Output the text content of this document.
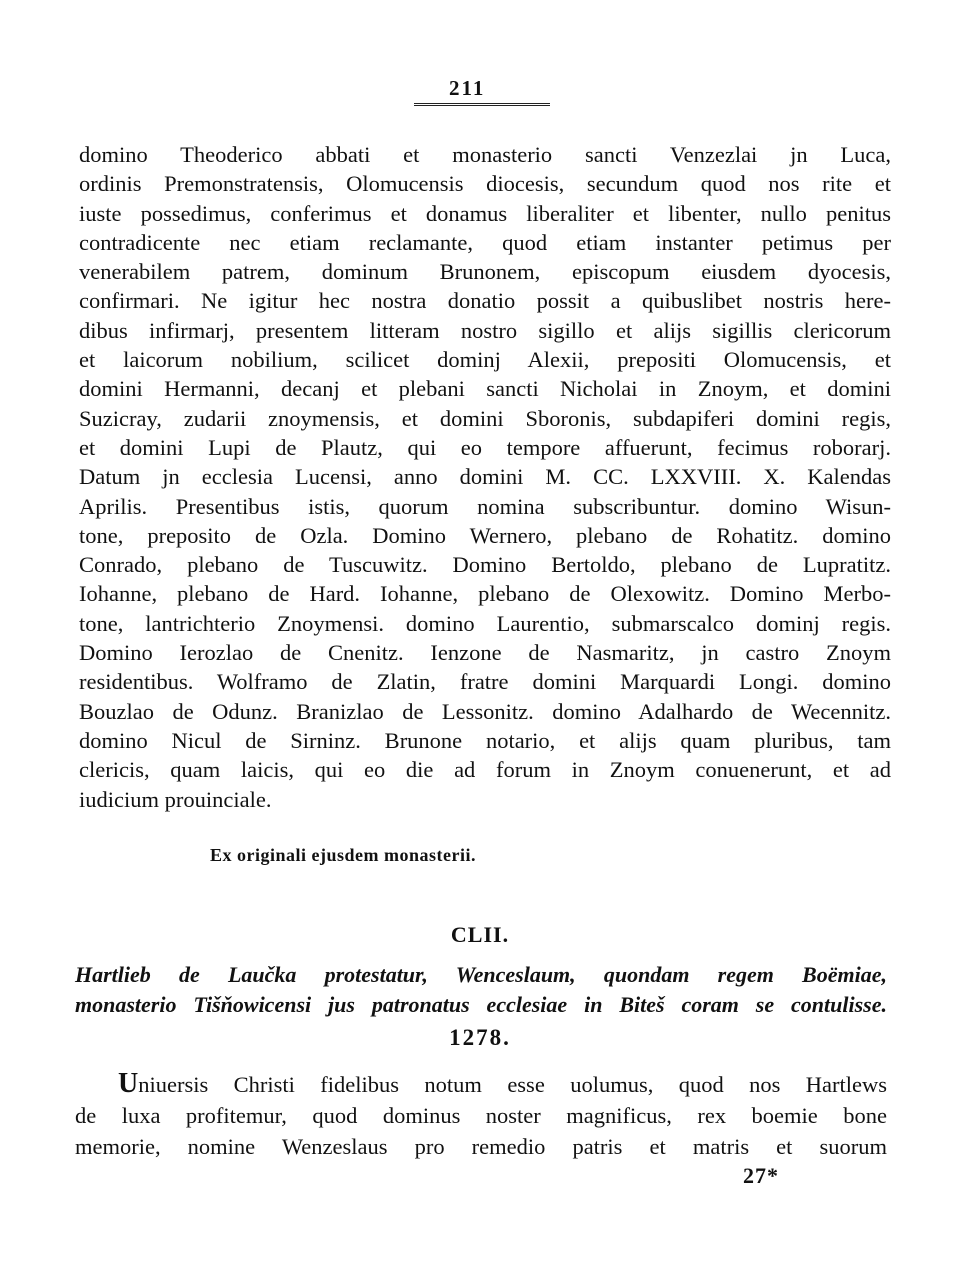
211
domino Theoderico abbati et monasterio sancti Venzezlai jn Luca,
ordinis Premonstratensis, Olomucensis diocesis, secundum quod nos rite et
iuste possedimus, conferimus et donamus liberaliter et libenter, nullo penitus
contradicente nec etiam reclamante, quod etiam instanter petimus per
venerabilem patrem, dominum Brunonem, episcopum eiusdem dyocesis,
confirmari. Ne igitur hec nostra donatio possit a quibuslibet nostris here-
dibus infirmarj, presentem litteram nostro sigillo et alijs sigillis clericorum
et laicorum nobilium, scilicet dominj Alexii, prepositi Olomucensis, et
domini Hermanni, decanj et plebani sancti Nicholai in Znoym, et domini
Suzicray, zudarii znoymensis, et domini Sboronis, subdapiferi domini regis,
et domini Lupi de Plautz, qui eo tempore affuerunt, fecimus roborarj.
Datum jn ecclesia Lucensi, anno domini M. CC. LXXVIII. X. Kalendas
Aprilis. Presentibus istis, quorum nomina subscribuntur. domino Wisun-
tone, preposito de Ozla. Domino Wernero, plebano de Rohatitz. domino
Conrado, plebano de Tuscuwitz. Domino Bertoldo, plebano de Lupratitz.
Iohanne, plebano de Hard. Iohanne, plebano de Olexowitz. Domino Merbo-
tone, lantrichterio Znoymensi. domino Laurentio, submarscalco dominj regis.
Domino Ierozlao de Cnenitz. Ienzone de Nasmaritz, jn castro Znoym
residentibus. Wolframo de Zlatin, fratre domini Marquardi Longi. domino
Bouzlao de Odunz. Branizlao de Lessonitz. domino Adalhardo de Wecennitz.
domino Nicul de Sirninz. Brunone notario, et alijs quam pluribus, tam
clericis, quam laicis, qui eo die ad forum in Znoym conuenerunt, et ad
iudicium prouinciale.
Ex originali ejusdem monasterii.
CLII.
Hartlieb de Laučka protestatur, Wenceslaum, quondam regem Boëmiae,
monasterio Tišňowicensi jus patronatus ecclesiae in Biteš coram se contulisse.
1278.
Uniuersis Christi fidelibus notum esse uolumus, quod nos Hartlews
de luxa profitemur, quod dominus noster magnificus, rex boemie bone
memorie, nomine Wenzeslaus pro remedio patris et matris et suorum
27*
